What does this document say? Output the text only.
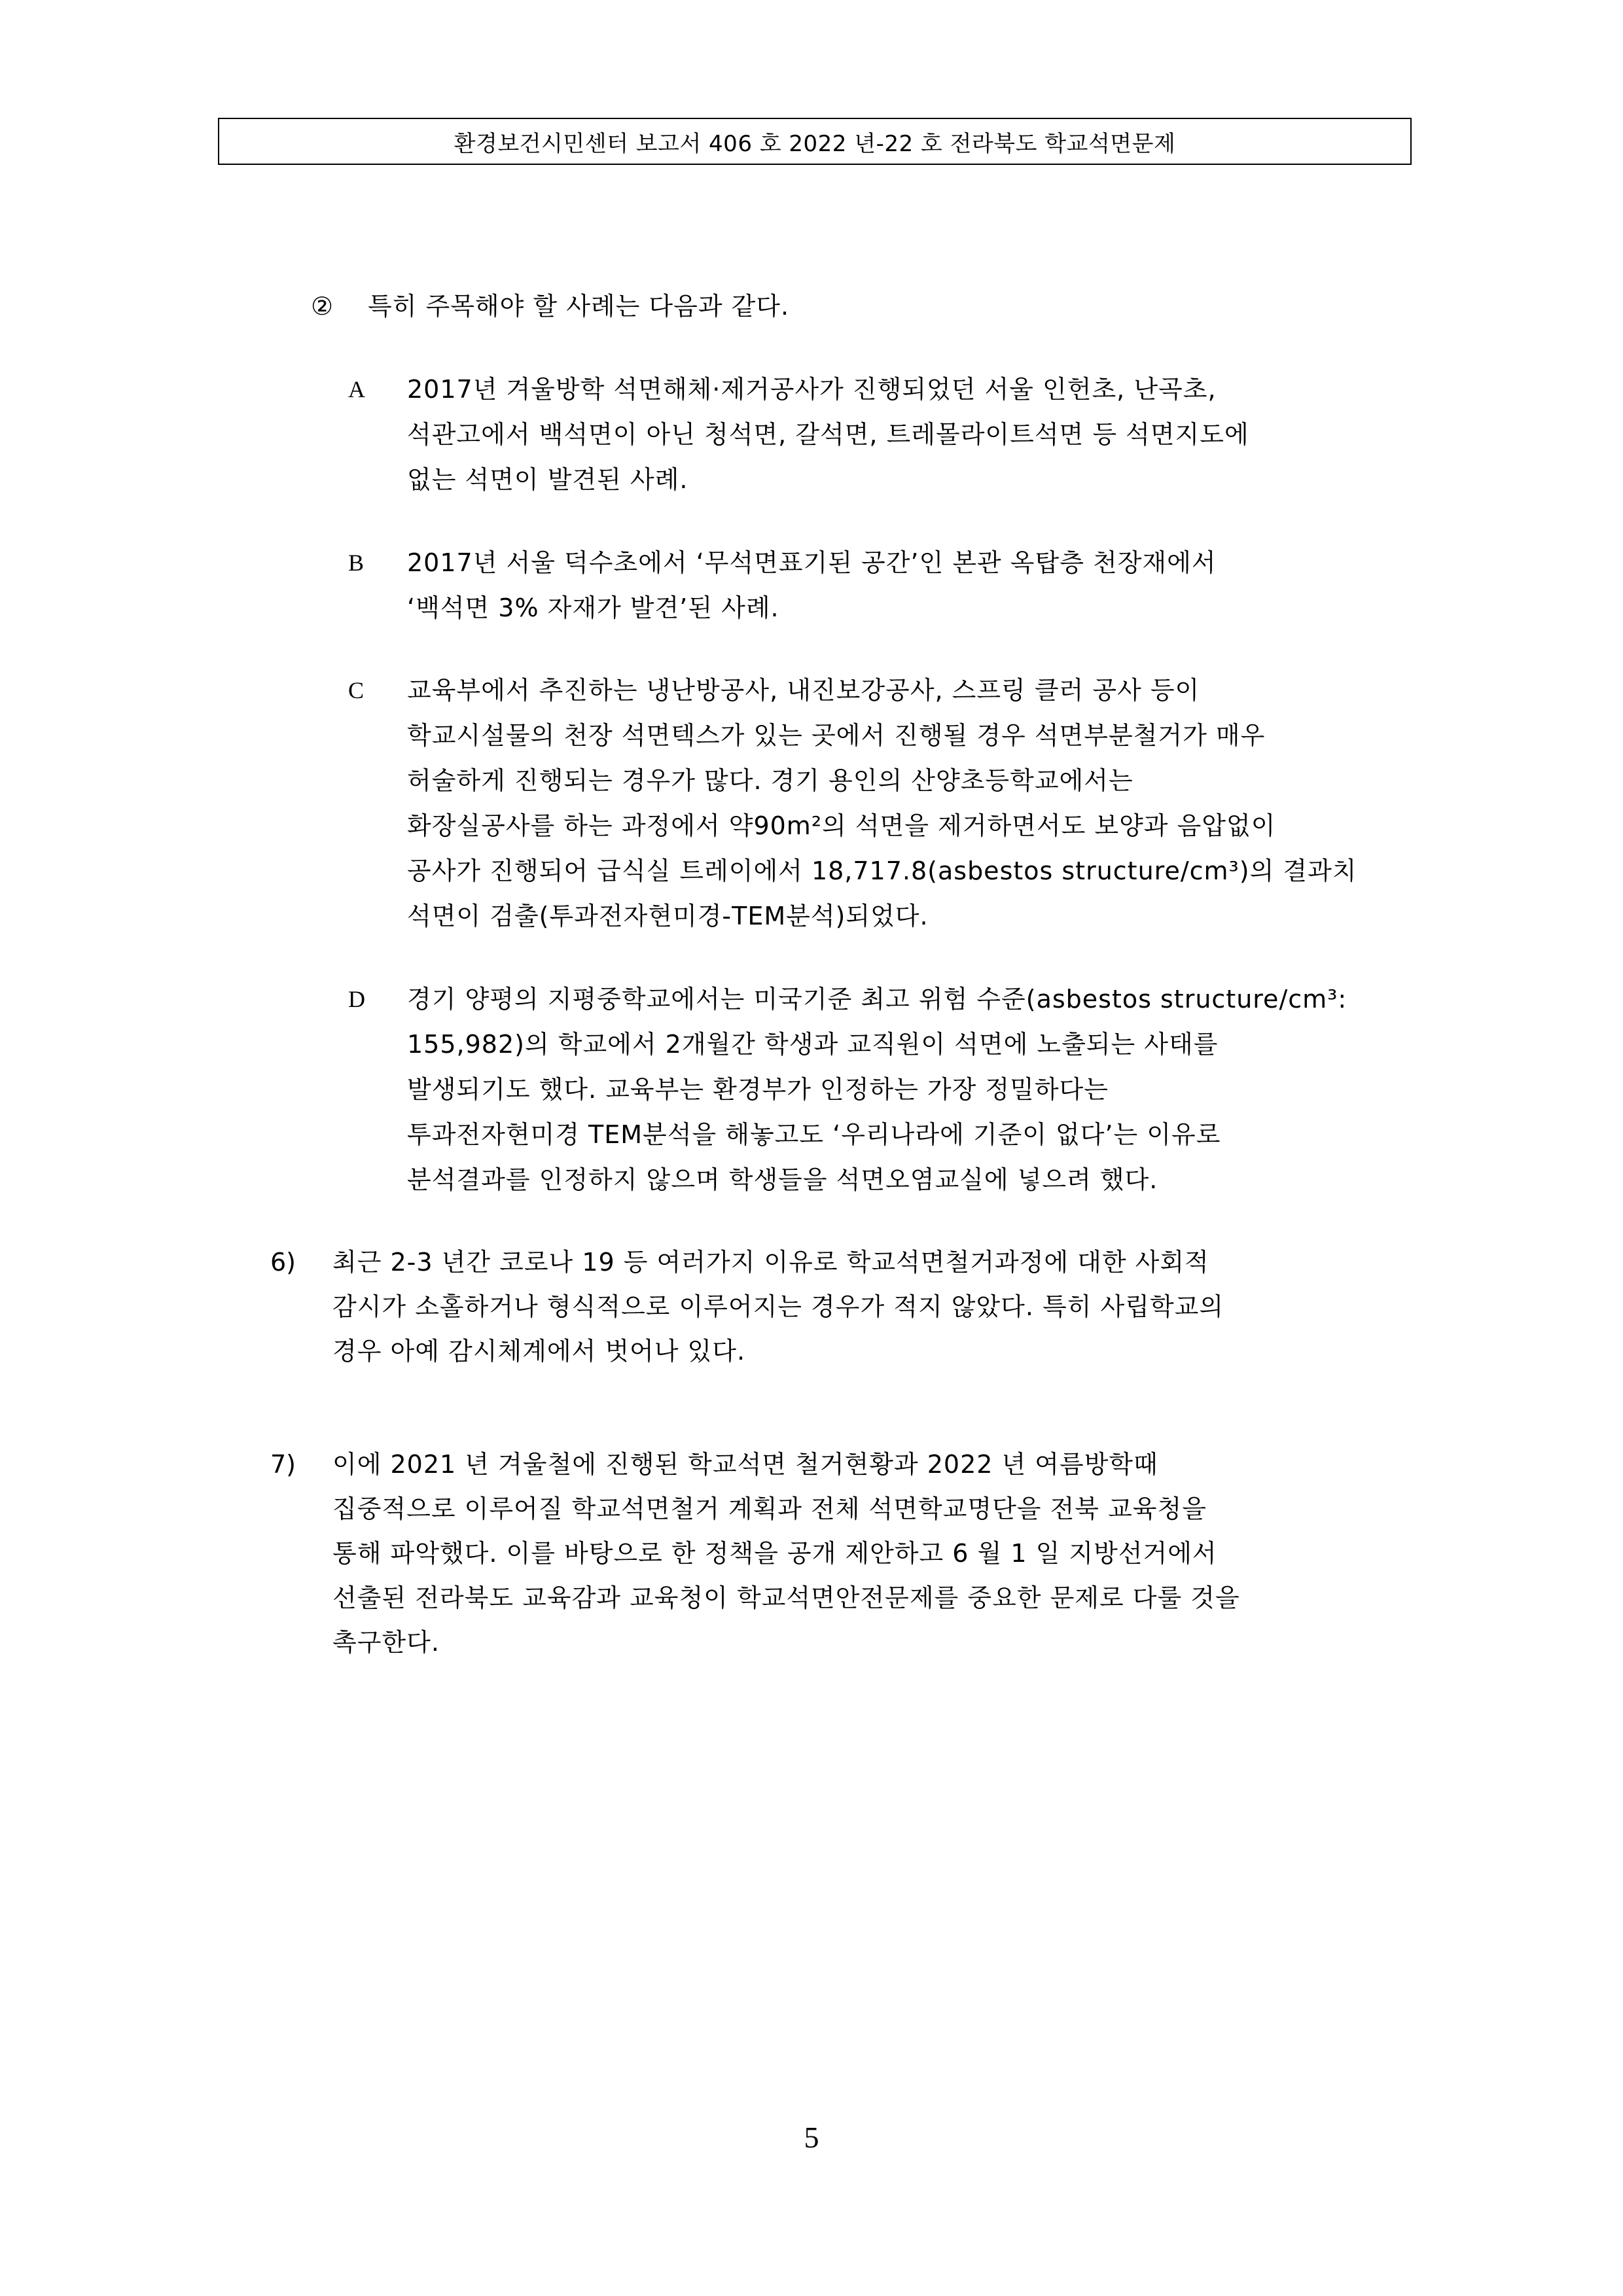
환경보건시민센터 보고서 406 호 2022 년-22 호 전라북도 학교석면문제
② 특히 주목해야 할 사례는 다음과 같다.
A 2017년 겨울방학 석면해체·제거공사가 진행되었던 서울 인헌초, 난곡초,
석관고에서 백석면이 아닌 청석면, 갈석면, 트레몰라이트석면 등 석면지도에
없는 석면이 발견된 사례.
B 2017년 서울 덕수초에서 ‘무석면표기된 공간’인 본관 옥탑층 천장재에서
‘백석면 3% 자재가 발견’된 사례.
C 교육부에서 추진하는 냉난방공사, 내진보강공사, 스프링 클러 공사 등이
학교시설물의 천장 석면텍스가 있는 곳에서 진행될 경우 석면부분철거가 매우
허술하게 진행되는 경우가 많다. 경기 용인의 산양초등학교에서는
화장실공사를 하는 과정에서 약90m²의 석면을 제거하면서도 보양과 음압없이
공사가 진행되어 급식실 트레이에서 18,717.8(asbestos structure/cm³)의 결과치
석면이 검출(투과전자현미경-TEM분석)되었다.
D 경기 양평의 지평중학교에서는 미국기준 최고 위험 수준(asbestos structure/cm³:
155,982)의 학교에서 2개월간 학생과 교직원이 석면에 노출되는 사태를
발생되기도 했다. 교육부는 환경부가 인정하는 가장 정밀하다는
투과전자현미경 TEM분석을 해놓고도 ‘우리나라에 기준이 없다’는 이유로
분석결과를 인정하지 않으며 학생들을 석면오염교실에 넣으려 했다.
6) 최근 2-3 년간 코로나 19 등 여러가지 이유로 학교석면철거과정에 대한 사회적
감시가 소홀하거나 형식적으로 이루어지는 경우가 적지 않았다. 특히 사립학교의
경우 아예 감시체계에서 벗어나 있다.
7) 이에 2021 년 겨울철에 진행된 학교석면 철거현황과 2022 년 여름방학때
집중적으로 이루어질 학교석면철거 계획과 전체 석면학교명단을 전북 교육청을
통해 파악했다. 이를 바탕으로 한 정책을 공개 제안하고 6 월 1 일 지방선거에서
선출된 전라북도 교육감과 교육청이 학교석면안전문제를 중요한 문제로 다룰 것을
촉구한다.
5
